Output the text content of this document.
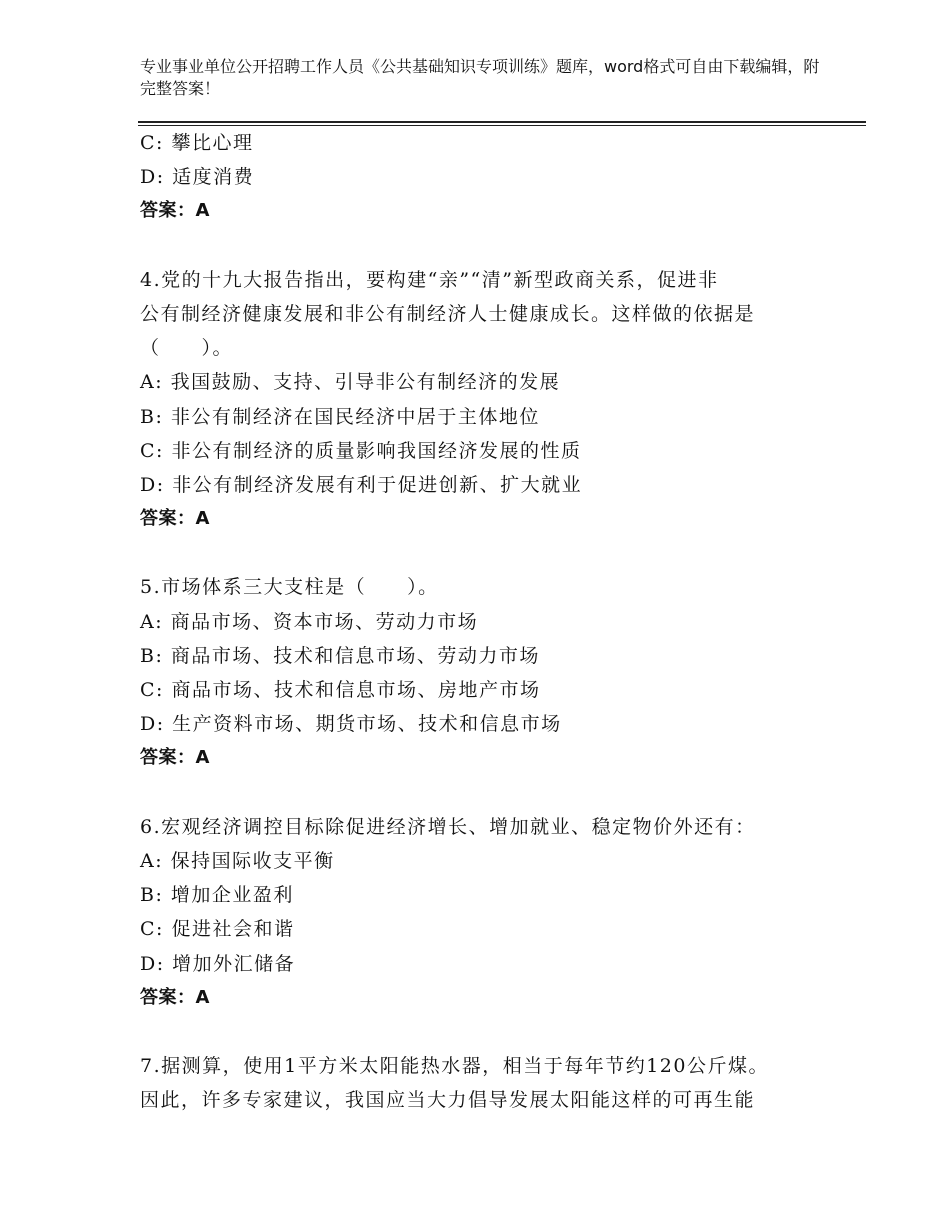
专业事业单位公开招聘工作人员《公共基础知识专项训练》题库，word格式可自由下载编辑，附完整答案！
C: 攀比心理
D: 适度消费
答案：A
4.党的十九大报告指出，要构建“亲”“清”新型政商关系，促进非
公有制经济健康发展和非公有制经济人士健康成长。这样做的依据是
（　　）。
A: 我国鼓励、支持、引导非公有制经济的发展
B: 非公有制经济在国民经济中居于主体地位
C: 非公有制经济的质量影响我国经济发展的性质
D: 非公有制经济发展有利于促进创新、扩大就业
答案：A
5.市场体系三大支柱是（　　）。
A: 商品市场、资本市场、劳动力市场
B: 商品市场、技术和信息市场、劳动力市场
C: 商品市场、技术和信息市场、房地产市场
D: 生产资料市场、期货市场、技术和信息市场
答案：A
6.宏观经济调控目标除促进经济增长、增加就业、稳定物价外还有：
A: 保持国际收支平衡
B: 增加企业盈利
C: 促进社会和谐
D: 增加外汇储备
答案：A
7.据测算，使用1平方米太阳能热水器，相当于每年节约120公斤煤。
因此，许多专家建议，我国应当大力倡导发展太阳能这样的可再生能
